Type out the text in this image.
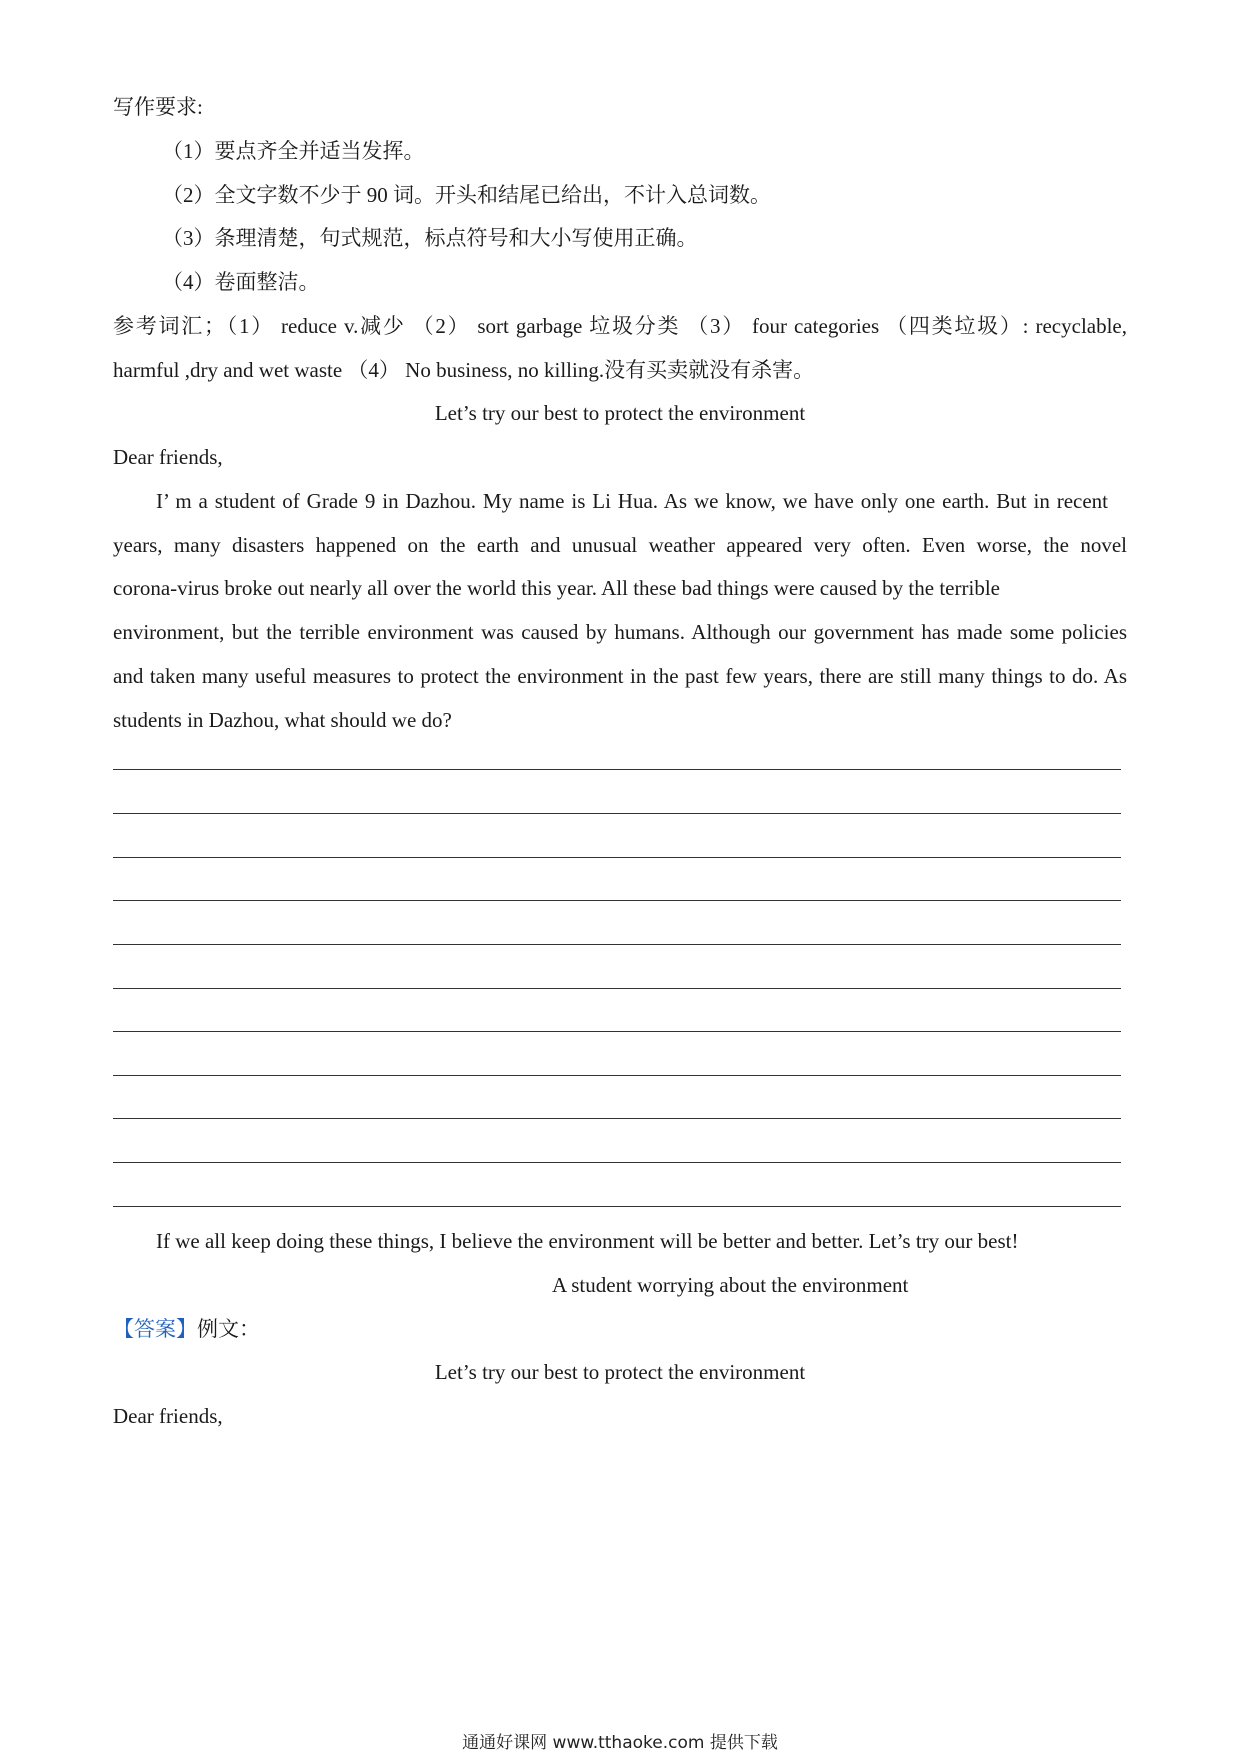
写作要求:
（1）要点齐全并适当发挥。
（2）全文字数不少于 90 词。开头和结尾已给出，不计入总词数。
（3）条理清楚，句式规范，标点符号和大小写使用正确。
（4）卷面整洁。
参考词汇；（1） reduce v.减少 （2） sort garbage 垃圾分类 （3） four categories （四类垃圾）: recyclable,
harmful ,dry and wet waste （4） No business, no killing.没有买卖就没有杀害。
Let’s try our best to protect the environment
Dear friends,
I’ m a student of Grade 9 in Dazhou. My name is Li Hua. As we know, we have only one earth. But in recent
years, many disasters happened on the earth and unusual weather appeared very often. Even worse, the novel
corona-virus broke out nearly all over the world this year. All these bad things were caused by the terrible
environment, but the terrible environment was caused by humans. Although our government has made some policies
and taken many useful measures to protect the environment in the past few years, there are still many things to do. As
students in Dazhou, what should we do?
If we all keep doing these things, I believe the environment will be better and better. Let’s try our best!
A student worrying about the environment
【答案】例文：
Let’s try our best to protect the environment
Dear friends,
通通好课网 www.tthaoke.com 提供下载
